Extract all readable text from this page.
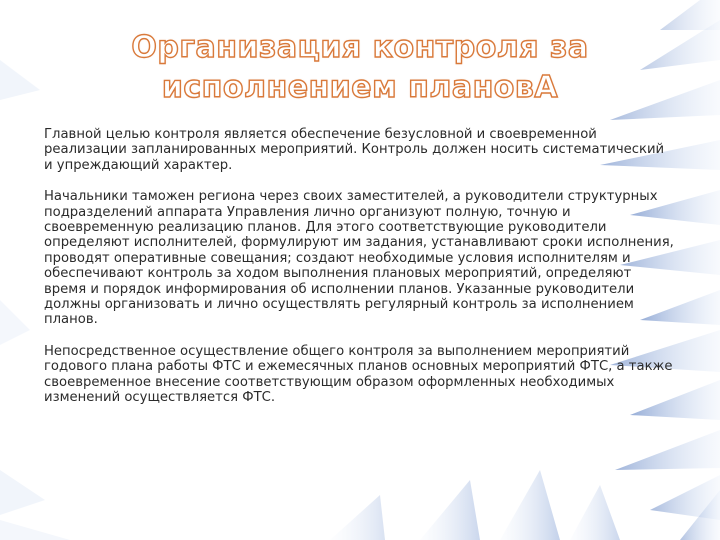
Организация контроля за
исполнением плановА

Главной целью контроля является обеспечение безусловной и своевременной реализации запланированных мероприятий. Контроль должен носить систематический и упреждающий характер.

Начальники таможен региона через своих заместителей, а руководители структурных подразделений аппарата Управления лично организуют полную, точную и своевременную реализацию планов. Для этого соответствующие руководители определяют исполнителей, формулируют им задания, устанавливают сроки исполнения, проводят оперативные совещания; создают необходимые условия исполнителям и обеспечивают контроль за ходом выполнения плановых мероприятий, определяют время и порядок информирования об исполнении планов. Указанные руководители должны организовать и лично осуществлять регулярный контроль за исполнением планов.

Непосредственное осуществление общего контроля за выполнением мероприятий годового плана работы ФТС и ежемесячных планов основных мероприятий ФТС, а также своевременное внесение соответствующим образом оформленных необходимых изменений осуществляется ФТС.
